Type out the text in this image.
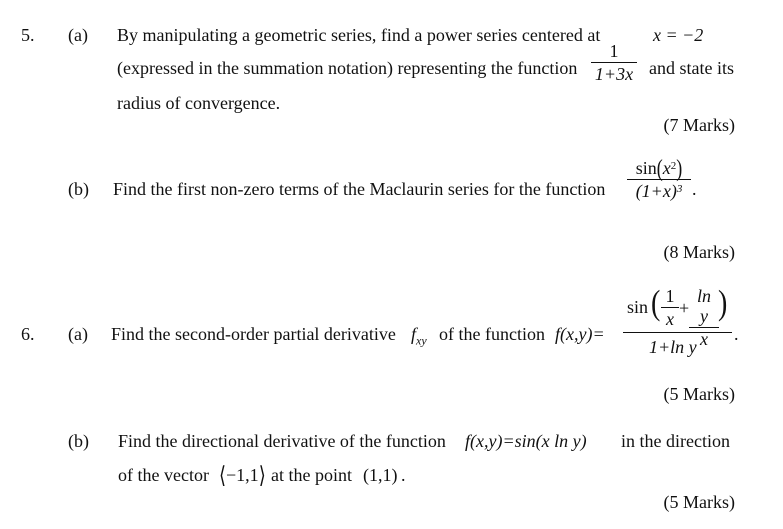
5. (a) By manipulating a geometric series, find a power series centered at	x = −2
(expressed in the summation notation) representing the function
1
1+3x and state its
radius of convergence.
(7 Marks)
(b) Find the first non-zero terms of the Maclaurin series for the function
$\sin(x^2)$
$(1+x)^3$ .
(8 Marks)
6. (a) Find the second-order partial derivative $f_{xy}$ of the function f(x,y)=
sin ( 1
x
+
ln y
x
)
1+ln y
.
(5 Marks)
(b) Find the directional derivative of the function f(x,y)=sin(x ln y) in the direction
of the vector ⟨−1,1⟩ at the point (1,1) .
(5 Marks)
